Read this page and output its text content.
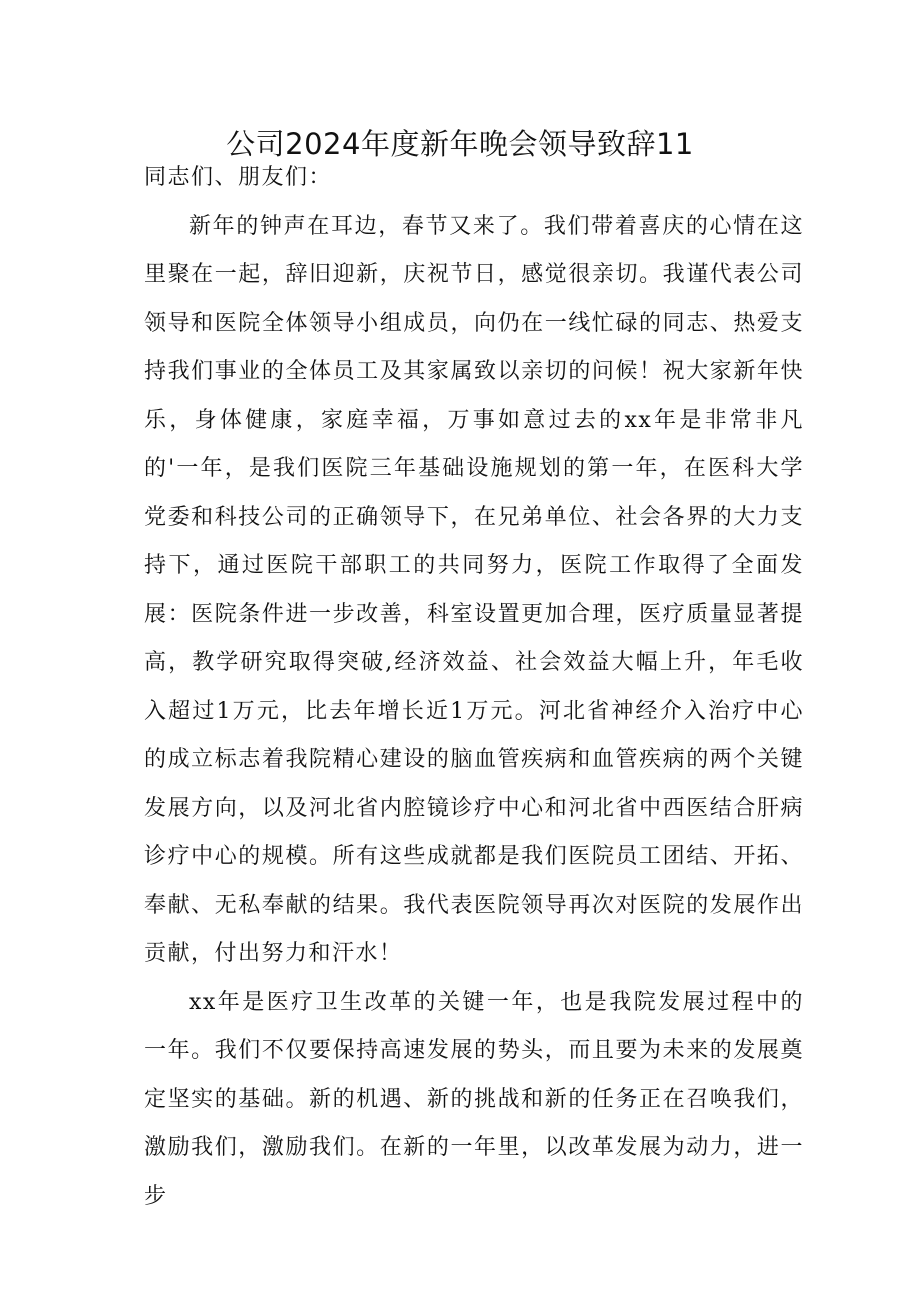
公司2024年度新年晚会领导致辞11

同志们、朋友们：

新年的钟声在耳边，春节又来了。我们带着喜庆的心情在这里聚在一起，辞旧迎新，庆祝节日，感觉很亲切。我谨代表公司领导和医院全体领导小组成员，向仍在一线忙碌的同志、热爱支持我们事业的全体员工及其家属致以亲切的问候！祝大家新年快乐，身体健康，家庭幸福，万事如意过去的xx年是非常非凡的'一年，是我们医院三年基础设施规划的第一年，在医科大学党委和科技公司的正确领导下，在兄弟单位、社会各界的大力支持下，通过医院干部职工的共同努力，医院工作取得了全面发展：医院条件进一步改善，科室设置更加合理，医疗质量显著提高，教学研究取得突破,经济效益、社会效益大幅上升，年毛收入超过1万元，比去年增长近1万元。河北省神经介入治疗中心的成立标志着我院精心建设的脑血管疾病和血管疾病的两个关键发展方向，以及河北省内腔镜诊疗中心和河北省中西医结合肝病诊疗中心的规模。所有这些成就都是我们医院员工团结、开拓、奉献、无私奉献的结果。我代表医院领导再次对医院的发展作出贡献，付出努力和汗水！

xx年是医疗卫生改革的关键一年，也是我院发展过程中的一年。我们不仅要保持高速发展的势头，而且要为未来的发展奠定坚实的基础。新的机遇、新的挑战和新的任务正在召唤我们，激励我们，激励我们。在新的一年里，以改革发展为动力，进一步
